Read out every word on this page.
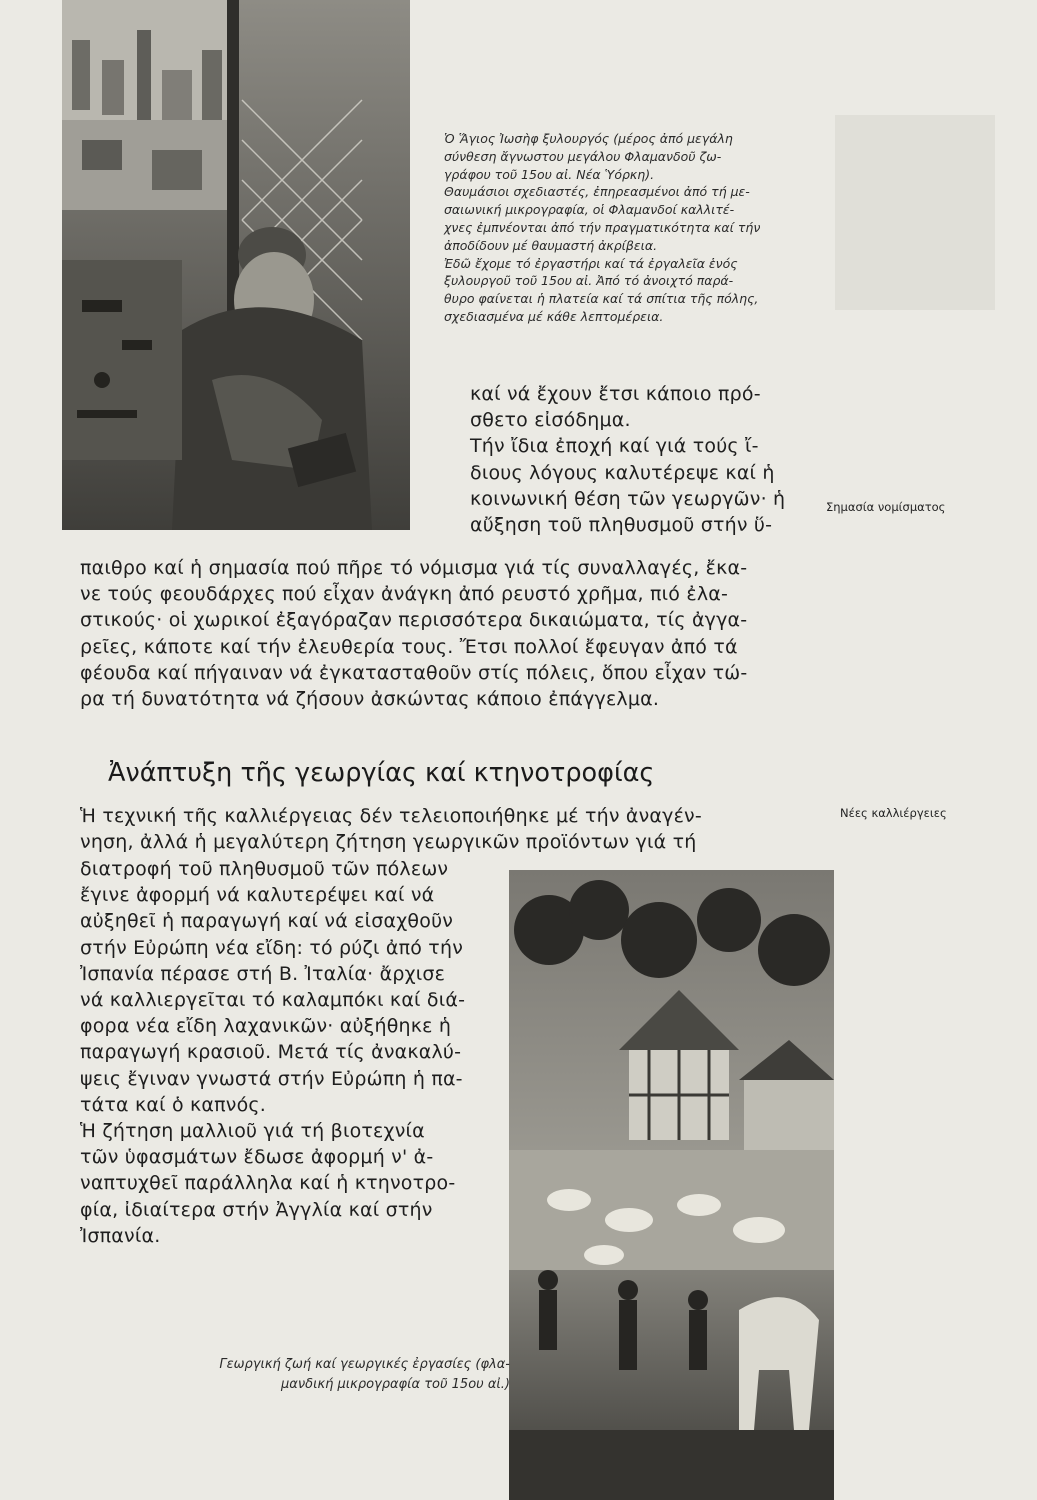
Ὁ Ἅγιος Ἰωσὴφ ξυλουργός (μέρος ἀπό μεγάλη
σύνθεση ἄγνωστου μεγάλου Φλαμανδοῦ ζω-
γράφου τοῦ 15ου αἰ. Νέα Ὑόρκη).
Θαυμάσιοι σχεδιαστές, ἐπηρεασμένοι ἀπό τή με-
σαιωνική μικρογραφία, οἱ Φλαμανδοί καλλιτέ-
χνες ἐμπνέονται ἀπό τήν πραγματικότητα καί τήν
ἀποδίδουν μέ θαυμαστή ἀκρίβεια.
Ἐδῶ ἔχομε τό ἐργαστήρι καί τά ἐργαλεῖα ἑνός
ξυλουργοῦ τοῦ 15ου αἰ. Ἀπό τό ἀνοιχτό παρά-
θυρο φαίνεται ἡ πλατεία καί τά σπίτια τῆς πόλης,
σχεδιασμένα μέ κάθε λεπτομέρεια.

καί νά ἔχουν ἔτσι κάποιο πρό-
σθετο εἰσόδημα.
Τήν ἴδια ἐποχή καί γιά τούς ἴ-
διους λόγους καλυτέρεψε καί ἡ
κοινωνική θέση τῶν γεωργῶν· ἡ
αὔξηση τοῦ πληθυσμοῦ στήν ὕ-

παιθρο καί ἡ σημασία πού πῆρε τό νόμισμα γιά τίς συναλλαγές, ἔκα-
νε τούς φεουδάρχες πού εἶχαν ἀνάγκη ἀπό ρευστό χρῆμα, πιό ἐλα-
στικούς· οἱ χωρικοί ἐξαγόραζαν περισσότερα δικαιώματα, τίς ἀγγα-
ρεῖες, κάποτε καί τήν ἐλευθερία τους. Ἔτσι πολλοί ἔφευγαν ἀπό τά
φέουδα καί πήγαιναν νά ἐγκατασταθοῦν στίς πόλεις, ὅπου εἶχαν τώ-
ρα τή δυνατότητα νά ζήσουν ἀσκώντας κάποιο ἐπάγγελμα.

Σημασία νομίσματος

Ἀνάπτυξη τῆς γεωργίας καί κτηνοτροφίας

Ἡ τεχνική τῆς καλλιέργειας δέν τελειοποιήθηκε μέ τήν ἀναγέν-
νηση, ἀλλά ἡ μεγαλύτερη ζήτηση γεωργικῶν προϊόντων γιά τή

διατροφή τοῦ πληθυσμοῦ τῶν πόλεων
ἔγινε ἀφορμή νά καλυτερέψει καί νά
αὐξηθεῖ ἡ παραγωγή καί νά εἰσαχθοῦν
στήν Εὐρώπη νέα εἴδη: τό ρύζι ἀπό τήν
Ἰσπανία πέρασε στή Β. Ἰταλία· ἄρχισε
νά καλλιεργεῖται τό καλαμπόκι καί διά-
φορα νέα εἴδη λαχανικῶν· αὐξήθηκε ἡ
παραγωγή κρασιοῦ. Μετά τίς ἀνακαλύ-
ψεις ἔγιναν γνωστά στήν Εὐρώπη ἡ πα-
τάτα καί ὁ καπνός.
Ἡ ζήτηση μαλλιοῦ γιά τή βιοτεχνία
τῶν ὑφασμάτων ἔδωσε ἀφορμή ν' ἀ-
ναπτυχθεῖ παράλληλα καί ἡ κτηνοτρο-
φία, ἰδιαίτερα στήν Ἀγγλία καί στήν
Ἰσπανία.

Νέες καλλιέργειες

Γεωργική ζωή καί γεωργικές ἐργασίες (φλα-
μανδική μικρογραφία τοῦ 15ου αἰ.)
